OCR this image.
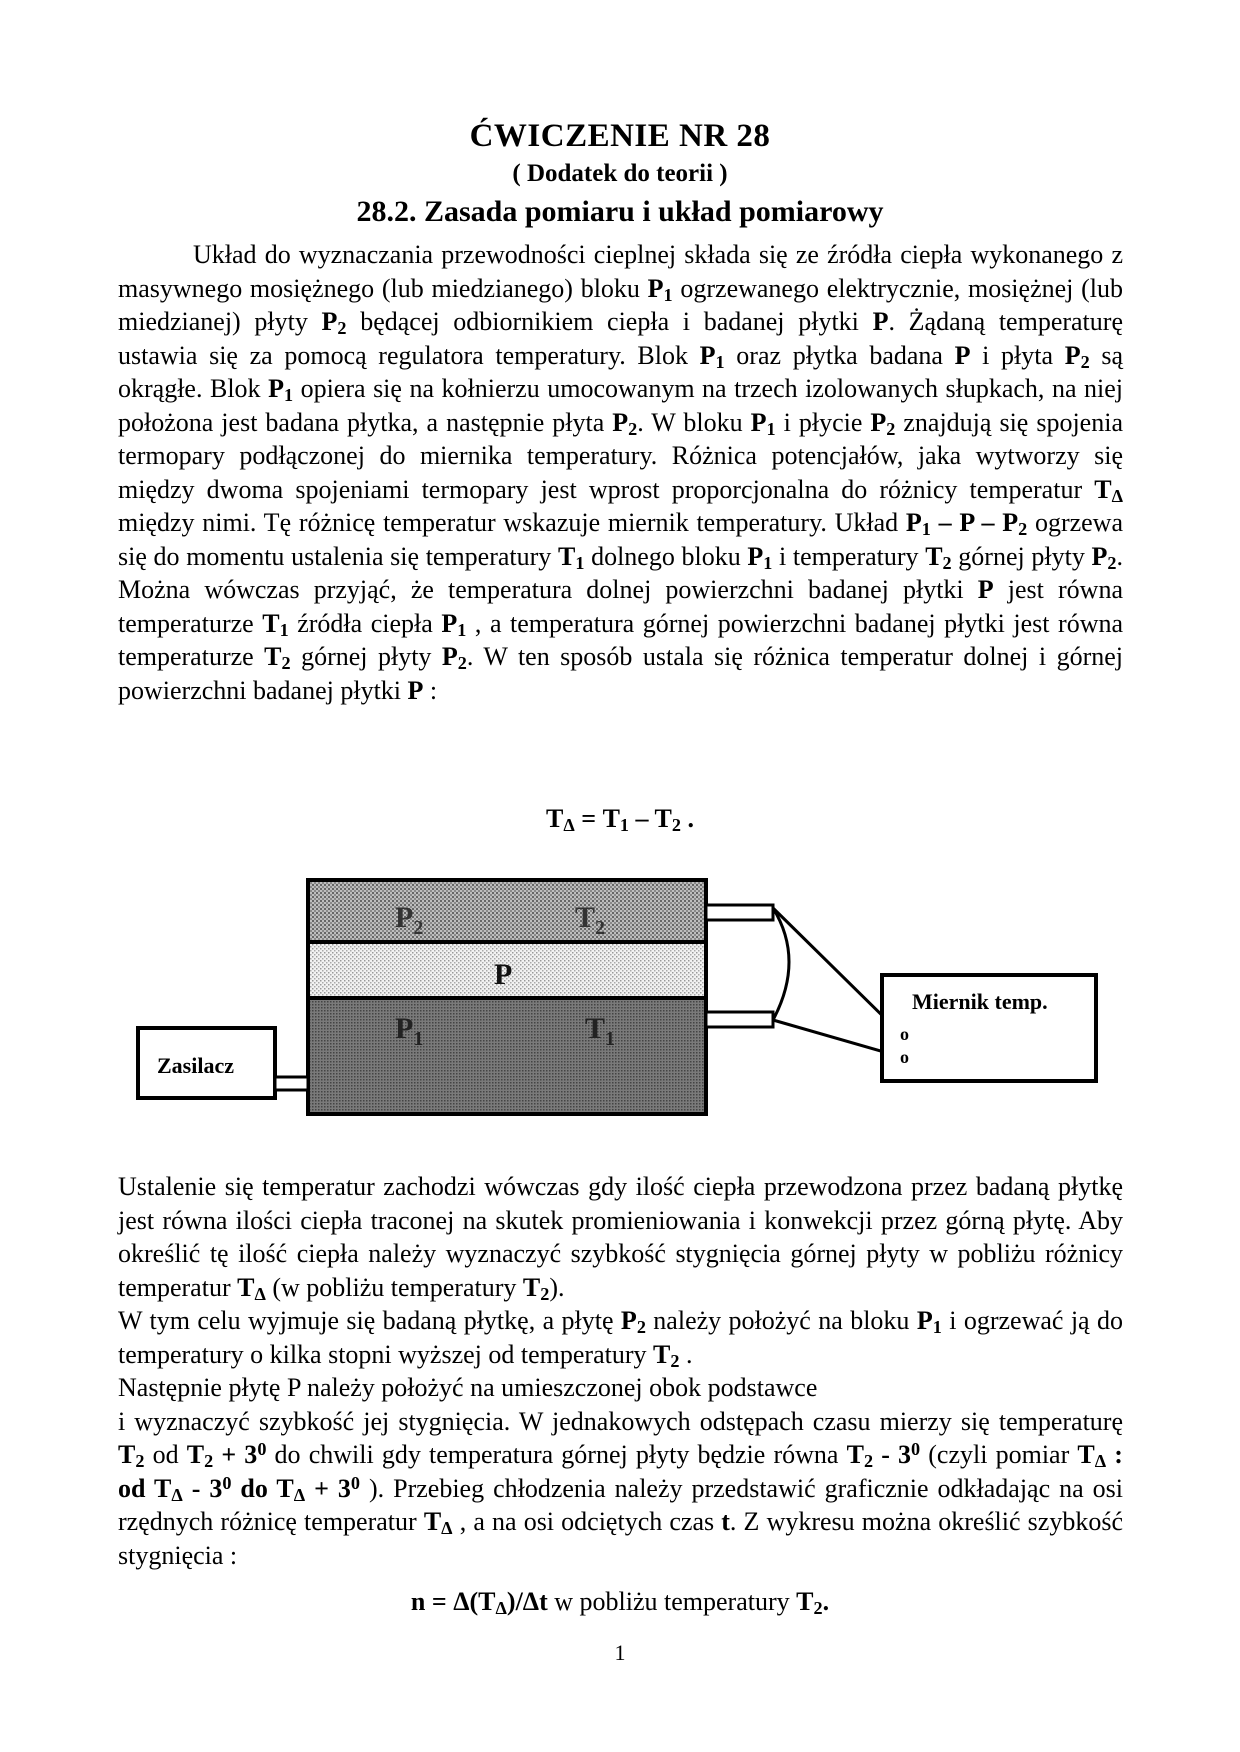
ĆWICZENIE NR 28
( Dodatek do teorii )
28.2. Zasada pomiaru i układ pomiarowy

Układ do wyznaczania przewodności cieplnej składa się ze źródła ciepła wykonanego z masywnego mosiężnego (lub miedzianego) bloku $P_1$ ogrzewanego elektrycznie, mosiężnej (lub miedzianej) płyty $P_2$ będącej odbiornikiem ciepła i badanej płytki P. Żądaną temperaturę ustawia się za pomocą regulatora temperatury. Blok $P_1$ oraz płytka badana P i płyta $P_2$ są okrągłe. Blok $P_1$ opiera się na kołnierzu umocowanym na trzech izolowanych słupkach, na niej położona jest badana płytka, a następnie płyta $P_2$. W bloku $P_1$ i płycie $P_2$ znajdują się spojenia termopary podłączonej do miernika temperatury. Różnica potencjałów, jaka wytworzy się między dwoma spojeniami termopary jest wprost proporcjonalna do różnicy temperatur $T_\Delta$ między nimi. Tę różnicę temperatur wskazuje miernik temperatury. Układ $P_1$ – P – $P_2$ ogrzewa się do momentu ustalenia się temperatury $T_1$ dolnego bloku $P_1$ i temperatury $T_2$ górnej płyty $P_2$. Można wówczas przyjąć, że temperatura dolnej powierzchni badanej płytki P jest równa temperaturze $T_1$ źródła ciepła $P_1$ , a temperatura górnej powierzchni badanej płytki jest równa temperaturze $T_2$ górnej płyty $P_2$. W ten sposób ustala się różnica temperatur dolnej i górnej powierzchni badanej płytki P :

$T_\Delta = T_1 - T_2$ .
$P_2$	$T_2$
P
$P_1$	$T_1$
Zasilacz
Miernik temp.
o
o

Ustalenie się temperatur zachodzi wówczas gdy ilość ciepła przewodzona przez badaną płytkę jest równa ilości ciepła traconej na skutek promieniowania i konwekcji przez górną płytę. Aby określić tę ilość ciepła należy wyznaczyć szybkość stygnięcia górnej płyty w pobliżu różnicy temperatur $T_\Delta$ (w pobliżu temperatury $T_2$).

W tym celu wyjmuje się badaną płytkę, a płytę $P_2$ należy położyć na bloku $P_1$ i ogrzewać ją do temperatury o kilka stopni wyższej od temperatury $T_2$ .

Następnie płytę P należy położyć na umieszczonej obok podstawce

i wyznaczyć szybkość jej stygnięcia. W jednakowych odstępach czasu mierzy się temperaturę $T_2$ od $T_2 + 3^0$ do chwili gdy temperatura górnej płyty będzie równa $T_2 - 3^0$ (czyli pomiar $T_\Delta$ : od $T_\Delta - 3^0$ do $T_\Delta + 3^0$ ). Przebieg chłodzenia należy przedstawić graficznie odkładając na osi rzędnych różnicę temperatur $T_\Delta$ , a na osi odciętych czas t. Z wykresu można określić szybkość stygnięcia :

$n = \Delta(T_\Delta)/\Delta t$ w pobliżu temperatury $T_2$.
1
